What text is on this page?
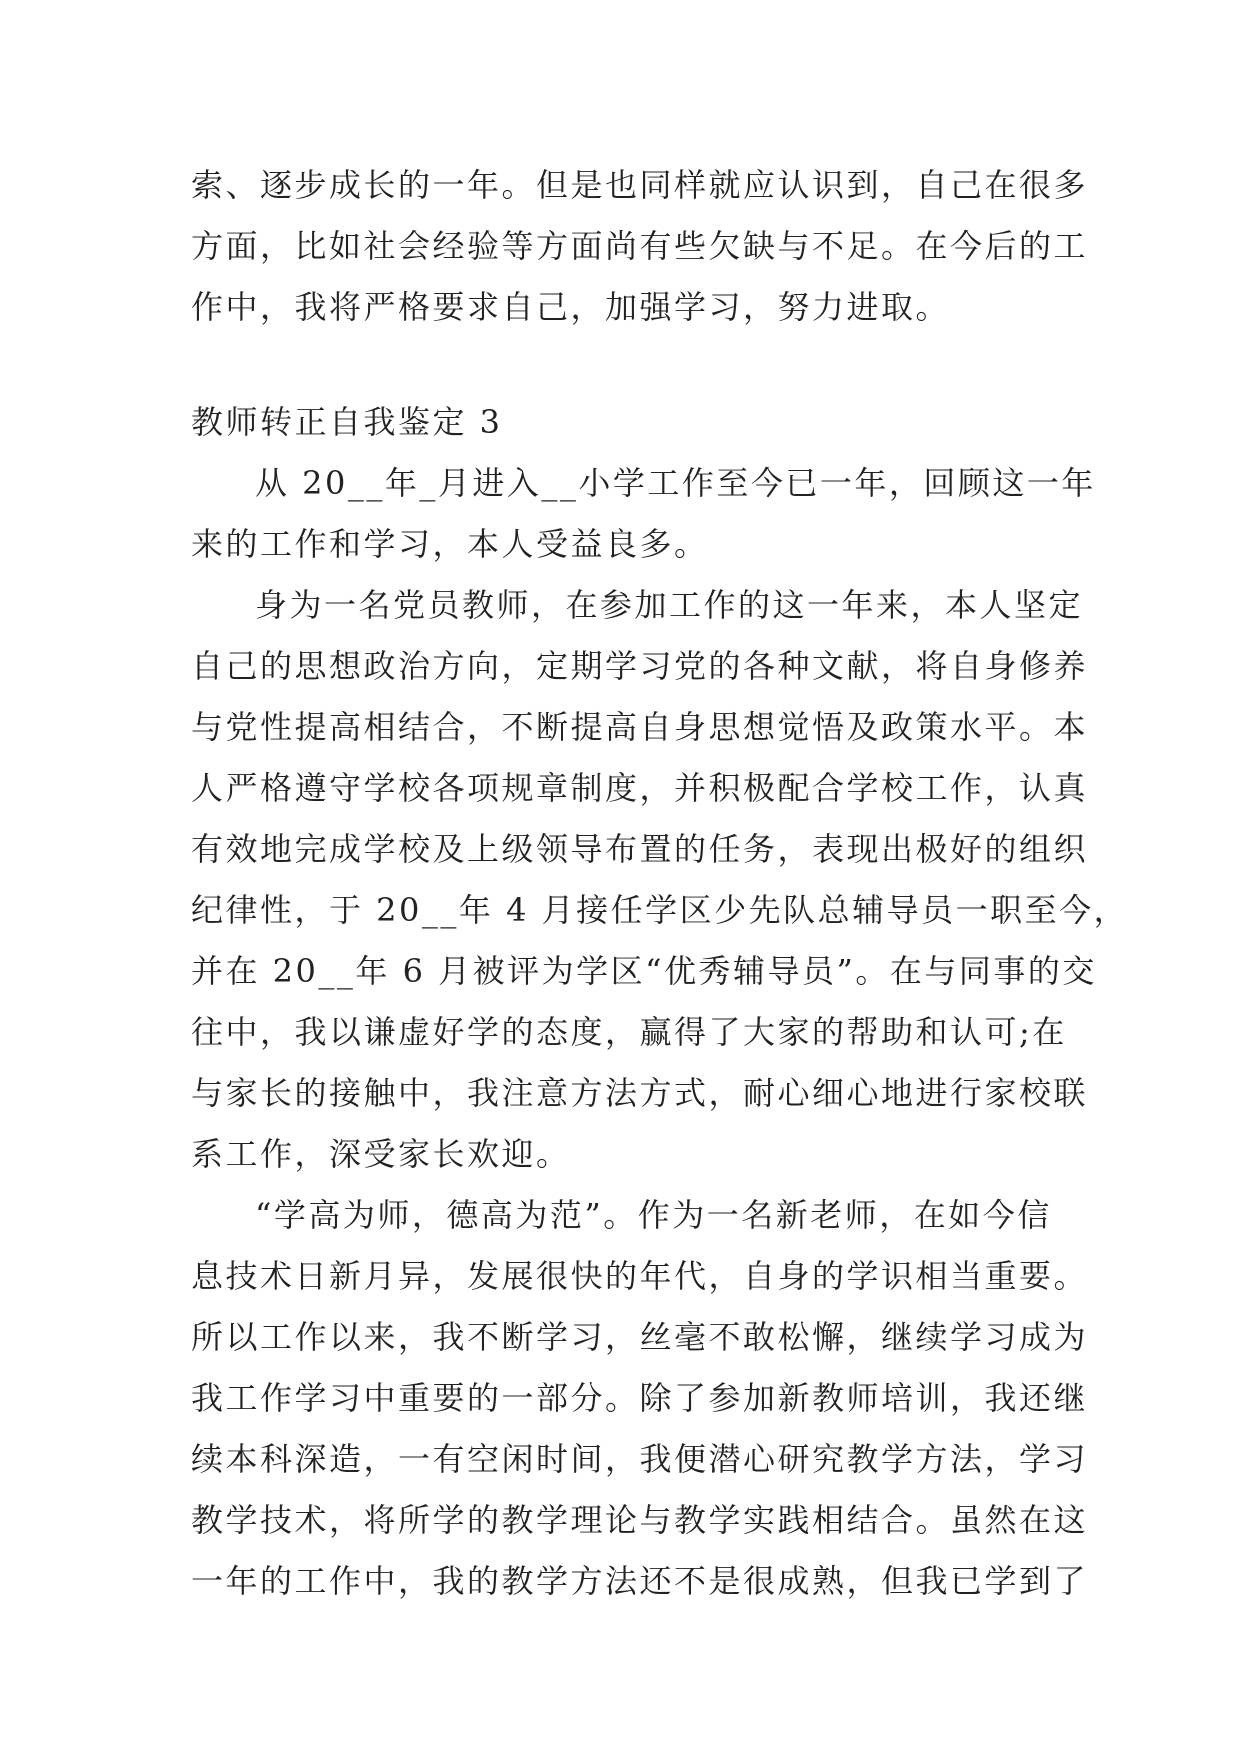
索、逐步成长的一年。但是也同样就应认识到，自己在很多
方面，比如社会经验等方面尚有些欠缺与不足。在今后的工
作中，我将严格要求自己，加强学习，努力进取。
教师转正自我鉴定 3
从 20__年_月进入__小学工作至今已一年，回顾这一年
来的工作和学习，本人受益良多。
身为一名党员教师，在参加工作的这一年来，本人坚定
自己的思想政治方向，定期学习党的各种文献，将自身修养
与党性提高相结合，不断提高自身思想觉悟及政策水平。本
人严格遵守学校各项规章制度，并积极配合学校工作，认真
有效地完成学校及上级领导布置的任务，表现出极好的组织
纪律性，于 20__年 4 月接任学区少先队总辅导员一职至今，
并在 20__年 6 月被评为学区“优秀辅导员”。在与同事的交
往中，我以谦虚好学的态度，赢得了大家的帮助和认可;在
与家长的接触中，我注意方法方式，耐心细心地进行家校联
系工作，深受家长欢迎。
“学高为师，德高为范”。作为一名新老师，在如今信
息技术日新月异，发展很快的年代，自身的学识相当重要。
所以工作以来，我不断学习，丝毫不敢松懈，继续学习成为
我工作学习中重要的一部分。除了参加新教师培训，我还继
续本科深造，一有空闲时间，我便潜心研究教学方法，学习
教学技术，将所学的教学理论与教学实践相结合。虽然在这
一年的工作中，我的教学方法还不是很成熟，但我已学到了
